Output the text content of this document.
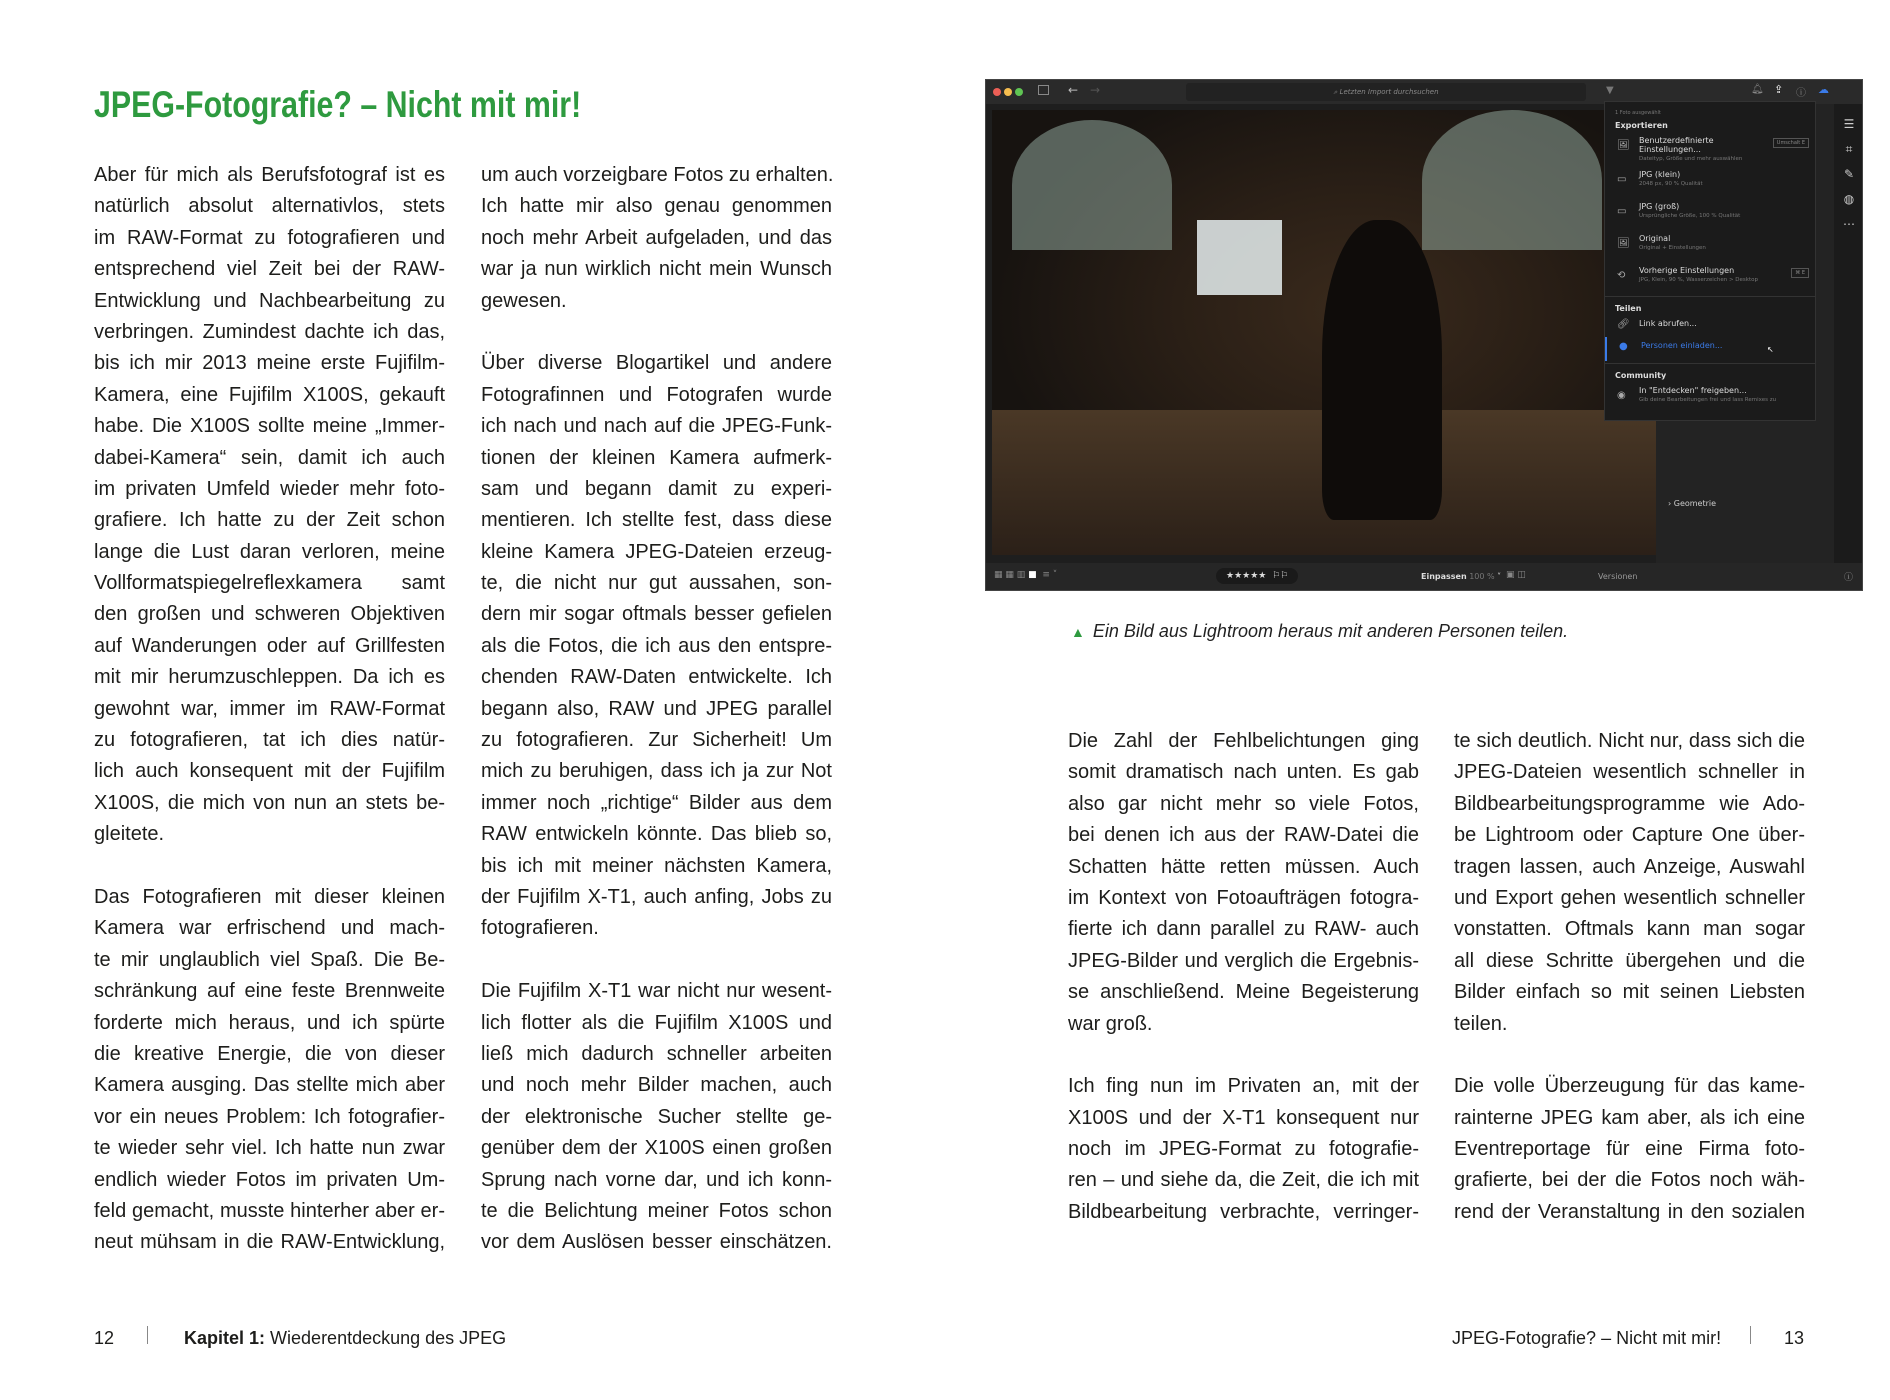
JPEG-Fotografie? – Nicht mit mir!
Aber für mich als Berufsfotograf ist es
natürlich absolut alternativlos, stets
im RAW-Format zu fotografieren und
entsprechend viel Zeit bei der RAW-
Entwicklung und Nachbearbeitung zu
verbringen. Zumindest dachte ich das,
bis ich mir 2013 meine erste Fujifilm-
Kamera, eine Fujifilm X100S, gekauft
habe. Die X100S sollte meine „Immer-
dabei-Kamera“ sein, damit ich auch
im privaten Umfeld wieder mehr foto-
grafiere. Ich hatte zu der Zeit schon
lange die Lust daran verloren, meine
Vollformatspiegelreflexkamera samt
den großen und schweren Objektiven
auf Wanderungen oder auf Grillfesten
mit mir herumzuschleppen. Da ich es
gewohnt war, immer im RAW-Format
zu fotografieren, tat ich dies natür-
lich auch konsequent mit der Fujifilm
X100S, die mich von nun an stets be-
gleitete.
Das Fotografieren mit dieser kleinen
Kamera war erfrischend und mach-
te mir unglaublich viel Spaß. Die Be-
schränkung auf eine feste Brennweite
forderte mich heraus, und ich spürte
die kreative Energie, die von dieser
Kamera ausging. Das stellte mich aber
vor ein neues Problem: Ich fotografier-
te wieder sehr viel. Ich hatte nun zwar
endlich wieder Fotos im privaten Um-
feld gemacht, musste hinterher aber er-
neut mühsam in die RAW-Entwicklung,
um auch vorzeigbare Fotos zu erhalten.
Ich hatte mir also genau genommen
noch mehr Arbeit aufgeladen, und das
war ja nun wirklich nicht mein Wunsch
gewesen.
Über diverse Blogartikel und andere
Fotografinnen und Fotografen wurde
ich nach und nach auf die JPEG-Funk-
tionen der kleinen Kamera aufmerk-
sam und begann damit zu experi-
mentieren. Ich stellte fest, dass diese
kleine Kamera JPEG-Dateien erzeug-
te, die nicht nur gut aussahen, son-
dern mir sogar oftmals besser gefielen
als die Fotos, die ich aus den entspre-
chenden RAW-Daten entwickelte. Ich
begann also, RAW und JPEG parallel
zu fotografieren. Zur Sicherheit! Um
mich zu beruhigen, dass ich ja zur Not
immer noch „richtige“ Bilder aus dem
RAW entwickeln könnte. Das blieb so,
bis ich mit meiner nächsten Kamera,
der Fujifilm X-T1, auch anfing, Jobs zu
fotografieren.
Die Fujifilm X-T1 war nicht nur wesent-
lich flotter als die Fujifilm X100S und
ließ mich dadurch schneller arbeiten
und noch mehr Bilder machen, auch
der elektronische Sucher stellte ge-
genüber dem der X100S einen großen
Sprung nach vorne dar, und ich konn-
te die Belichtung meiner Fotos schon
vor dem Auslösen besser einschätzen.
Die Zahl der Fehlbelichtungen ging
somit dramatisch nach unten. Es gab
also gar nicht mehr so viele Fotos,
bei denen ich aus der RAW-Datei die
Schatten hätte retten müssen. Auch
im Kontext von Fotoaufträgen fotogra-
fierte ich dann parallel zu RAW- auch
JPEG-Bilder und verglich die Ergebnis-
se anschließend. Meine Begeisterung
war groß.
Ich fing nun im Privaten an, mit der
X100S und der X-T1 konsequent nur
noch im JPEG-Format zu fotografie-
ren – und siehe da, die Zeit, die ich mit
Bildbearbeitung verbrachte, verringer-
te sich deutlich. Nicht nur, dass sich die
JPEG-Dateien wesentlich schneller in
Bildbearbeitungsprogramme wie Ado-
be Lightroom oder Capture One über-
tragen lassen, auch Anzeige, Auswahl
und Export gehen wesentlich schneller
vonstatten. Oftmals kann man sogar
all diese Schritte übergehen und die
Bilder einfach so mit seinen Liebsten
teilen.
Die volle Überzeugung für das kame-
rainterne JPEG kam aber, als ich eine
Eventreportage für eine Firma foto-
grafierte, bei der die Fotos noch wäh-
rend der Veranstaltung in den sozialen
← →	⌕ Letzten Import durchsuchen	▼	🔔︎ ⇪ ⓘ ☁
› Geometrie
☰
⌗
✎
◍
⋯
1 Foto ausgewählt
Exportieren
🖼︎ Benutzerdefinierte Einstellungen...
Dateityp, Größe und mehr auswählen
Umschalt E
▭ JPG (klein)
2048 px, 90 % Qualität
▭ JPG (groß)
Ursprüngliche Größe, 100 % Qualität
🖼︎ Original
Original + Einstellungen
⟲ Vorherige Einstellungen
JPG, Klein, 90 %, Wasserzeichen > Desktop
⌘ E
Teilen
🔗︎ Link abrufen...
● Personen einladen...	↖
Community
◉ In "Entdecken" freigeben...
Gib deine Bearbeitungen frei und lass Remixes zu
▦ ▦ ▥ ■  ≡ ˅	★★★★★  ⚐⚐	Einpassen 100 % ˅ ▣ ◫	Versionen	ⓘ
▲ Ein Bild aus Lightroom heraus mit anderen Personen teilen.
12	Kapitel 1: Wiederentdeckung des JPEG	JPEG-Fotografie? – Nicht mit mir!	13
